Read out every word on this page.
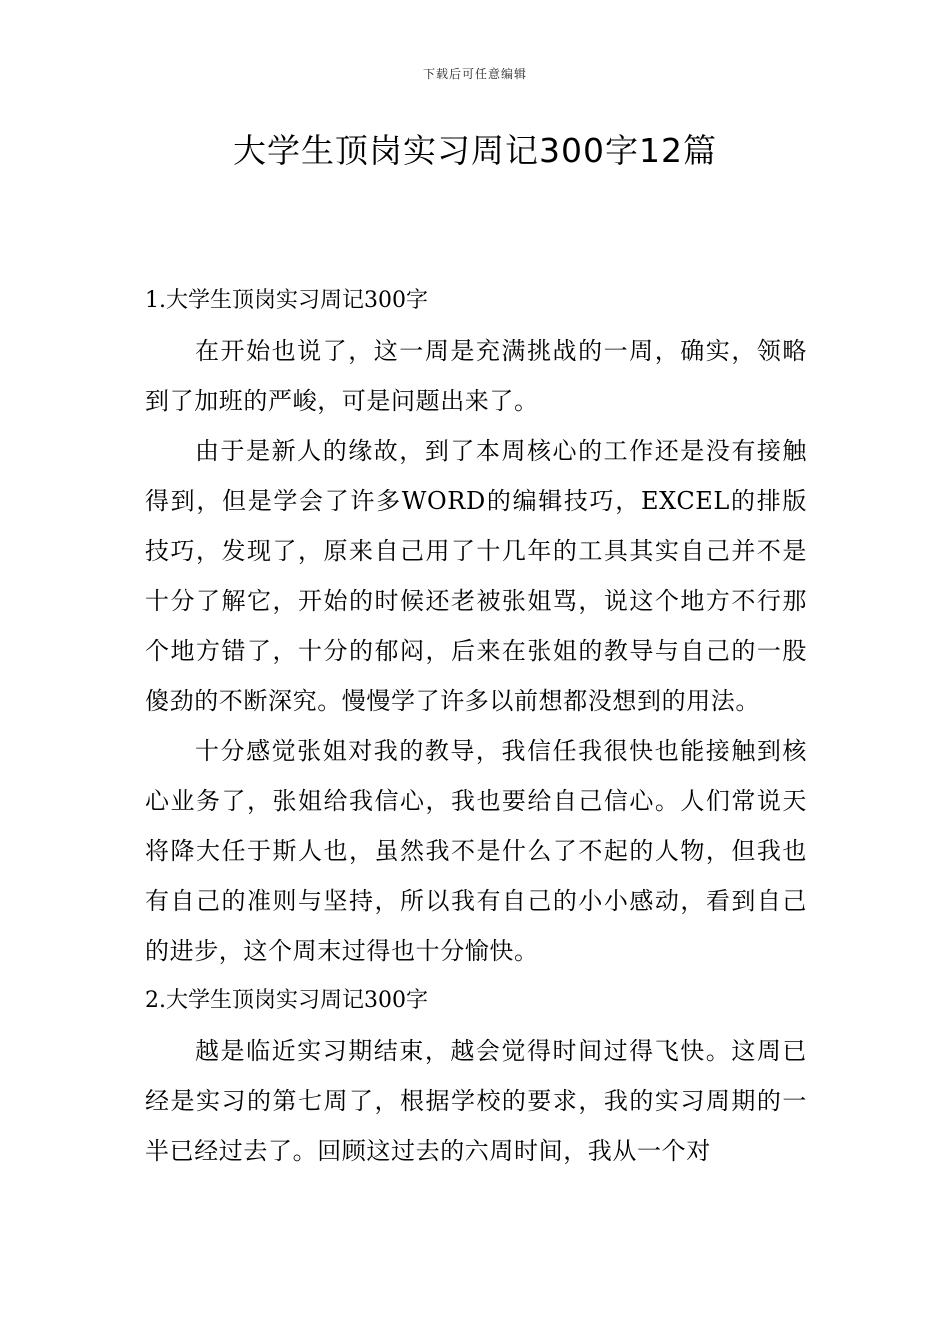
下载后可任意编辑
大学生顶岗实习周记300字12篇

1.大学生顶岗实习周记300字

在开始也说了，这一周是充满挑战的一周，确实，领略到了加班的严峻，可是问题出来了。

由于是新人的缘故，到了本周核心的工作还是没有接触得到，但是学会了许多WORD的编辑技巧，EXCEL的排版技巧，发现了，原来自己用了十几年的工具其实自己并不是十分了解它，开始的时候还老被张姐骂，说这个地方不行那个地方错了，十分的郁闷，后来在张姐的教导与自己的一股傻劲的不断深究。慢慢学了许多以前想都没想到的用法。

十分感觉张姐对我的教导，我信任我很快也能接触到核心业务了，张姐给我信心，我也要给自己信心。人们常说天将降大任于斯人也，虽然我不是什么了不起的人物，但我也有自己的准则与坚持，所以我有自己的小小感动，看到自己的进步，这个周末过得也十分愉快。

2.大学生顶岗实习周记300字

越是临近实习期结束，越会觉得时间过得飞快。这周已经是实习的第七周了，根据学校的要求，我的实习周期的一半已经过去了。回顾这过去的六周时间，我从一个对
